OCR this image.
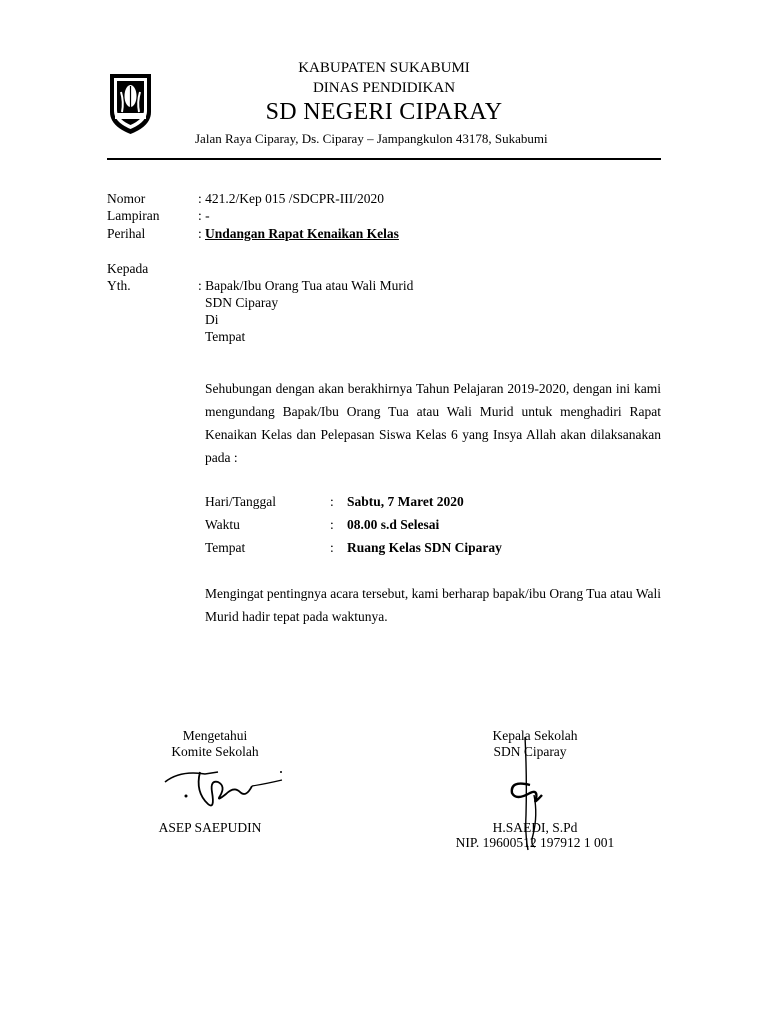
KABUPATEN SUKABUMI
DINAS PENDIDIKAN
SD NEGERI CIPARAY
Jalan Raya Ciparay, Ds. Ciparay – Jampangkulon 43178, Sukabumi
Nomor	: 421.2/Kep 015 /SDCPR-III/2020
Lampiran	: -
Perihal	: Undangan Rapat Kenaikan Kelas
Kepada
Yth.	: Bapak/Ibu Orang Tua atau Wali Murid
SDN Ciparay
Di
Tempat
Sehubungan dengan akan berakhirnya Tahun Pelajaran 2019-2020, dengan ini kami mengundang Bapak/Ibu Orang Tua atau Wali Murid untuk menghadiri Rapat Kenaikan Kelas dan Pelepasan Siswa Kelas 6 yang Insya Allah akan dilaksanakan pada :
Hari/Tanggal	: Sabtu, 7 Maret 2020
Waktu	: 08.00 s.d Selesai
Tempat	: Ruang Kelas SDN Ciparay
Mengingat pentingnya acara tersebut, kami berharap bapak/ibu Orang Tua atau Wali Murid hadir tepat pada waktunya.
Mengetahui
Komite Sekolah
ASEP SAEPUDIN
Kepala Sekolah
SDN Ciparay
H.SAEDI, S.Pd
NIP. 19600512 197912 1 001
